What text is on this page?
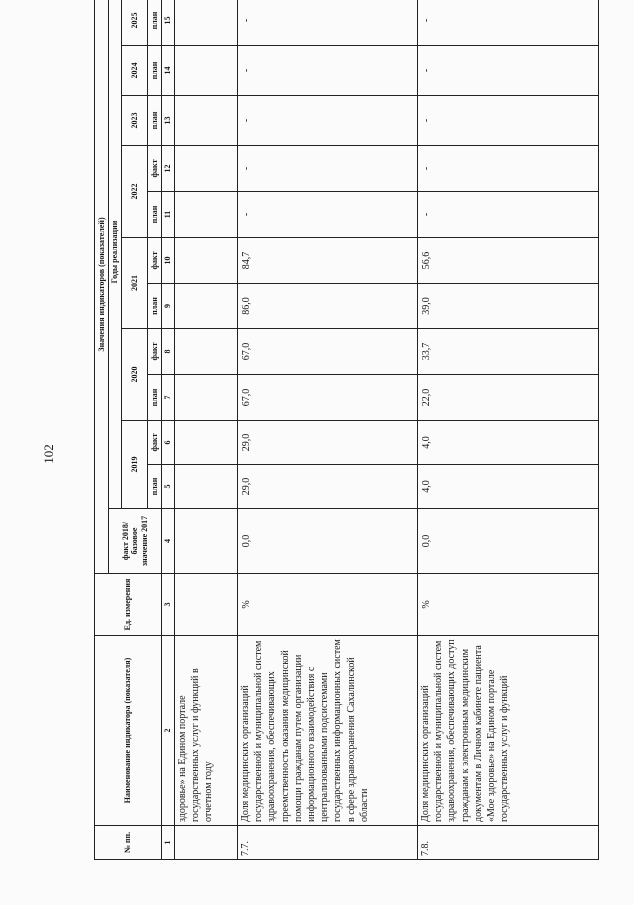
102
№ пп.	Наименование индикатора (показателя)	Ед. измерения	Значения индикаторов (показателей)											
			факт 2018/базовое значение 2017	Годы реализации										
				2019		2020		2021		2022		2023	2024	2025
				план	факт	план	факт	план	факт	план	факт	план	план	план
1	2	3	4	5	6	7	8	9	10	11	12	13	14	15
	здоровье» на Едином портале государственных услуг и функций в отчетном году													
7.7.	Доля медицинских организаций государственной и муниципальной систем здравоохранения, обеспечивающих преемственность оказания медицинской помощи гражданам путем организации информационного взаимодействия с централизованными подсистемами государственных информационных систем в сфере здравоохранения Сахалинской области	%	0,0	29,0	29,0	67,0	67,0	86,0	84,7	-	-	-	-	-
7.8.	Доля медицинских организаций государственной и муниципальной систем здравоохранения, обеспечивающих доступ гражданам к электронным медицинским документам в Личном кабинете пациента «Мое здоровье» на Едином портале государственных услуг и функций	%	0,0	4,0	4,0	22,0	33,7	39,0	56,6	-	-	-	-	-
